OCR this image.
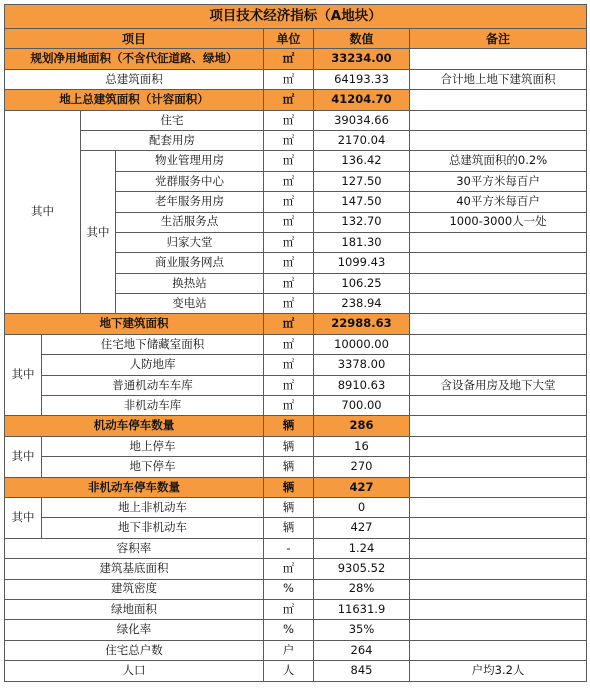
项目技术经济指标（A地块）						
项目				单位	数值	备注
规划净用地面积（不含代征道路、绿地）				㎡	33234.00	
总建筑面积				㎡	64193.33	合计地上地下建筑面积
地上总建筑面积（计容面积）				㎡	41204.70	
其中		住宅		㎡	39034.66	
		配套用房		㎡	2170.04	
		其中	物业管理用房	㎡	136.42	总建筑面积的0.2%
			党群服务中心	㎡	127.50	30平方米每百户
			老年服务用房	㎡	147.50	40平方米每百户
			生活服务点	㎡	132.70	1000-3000人一处
			归家大堂	㎡	181.30	
			商业服务网点	㎡	1099.43	
			换热站	㎡	106.25	
			变电站	㎡	238.94	
地下建筑面积				㎡	22988.63	
其中	住宅地下储藏室面积			㎡	10000.00	
	人防地库			㎡	3378.00	
	普通机动车车库			㎡	8910.63	含设备用房及地下大堂
	非机动车库			㎡	700.00	
机动车停车数量				辆	286	
其中	地上停车			辆	16	
	地下停车			辆	270	
非机动车停车数量				辆	427	
其中	地上非机动车			辆	0	
	地下非机动车			辆	427	
容积率				-	1.24	
建筑基底面积				㎡	9305.52	
建筑密度				%	28%	
绿地面积				㎡	11631.9	
绿化率				%	35%	
住宅总户数				户	264	
人口				人	845	户均3.2人
